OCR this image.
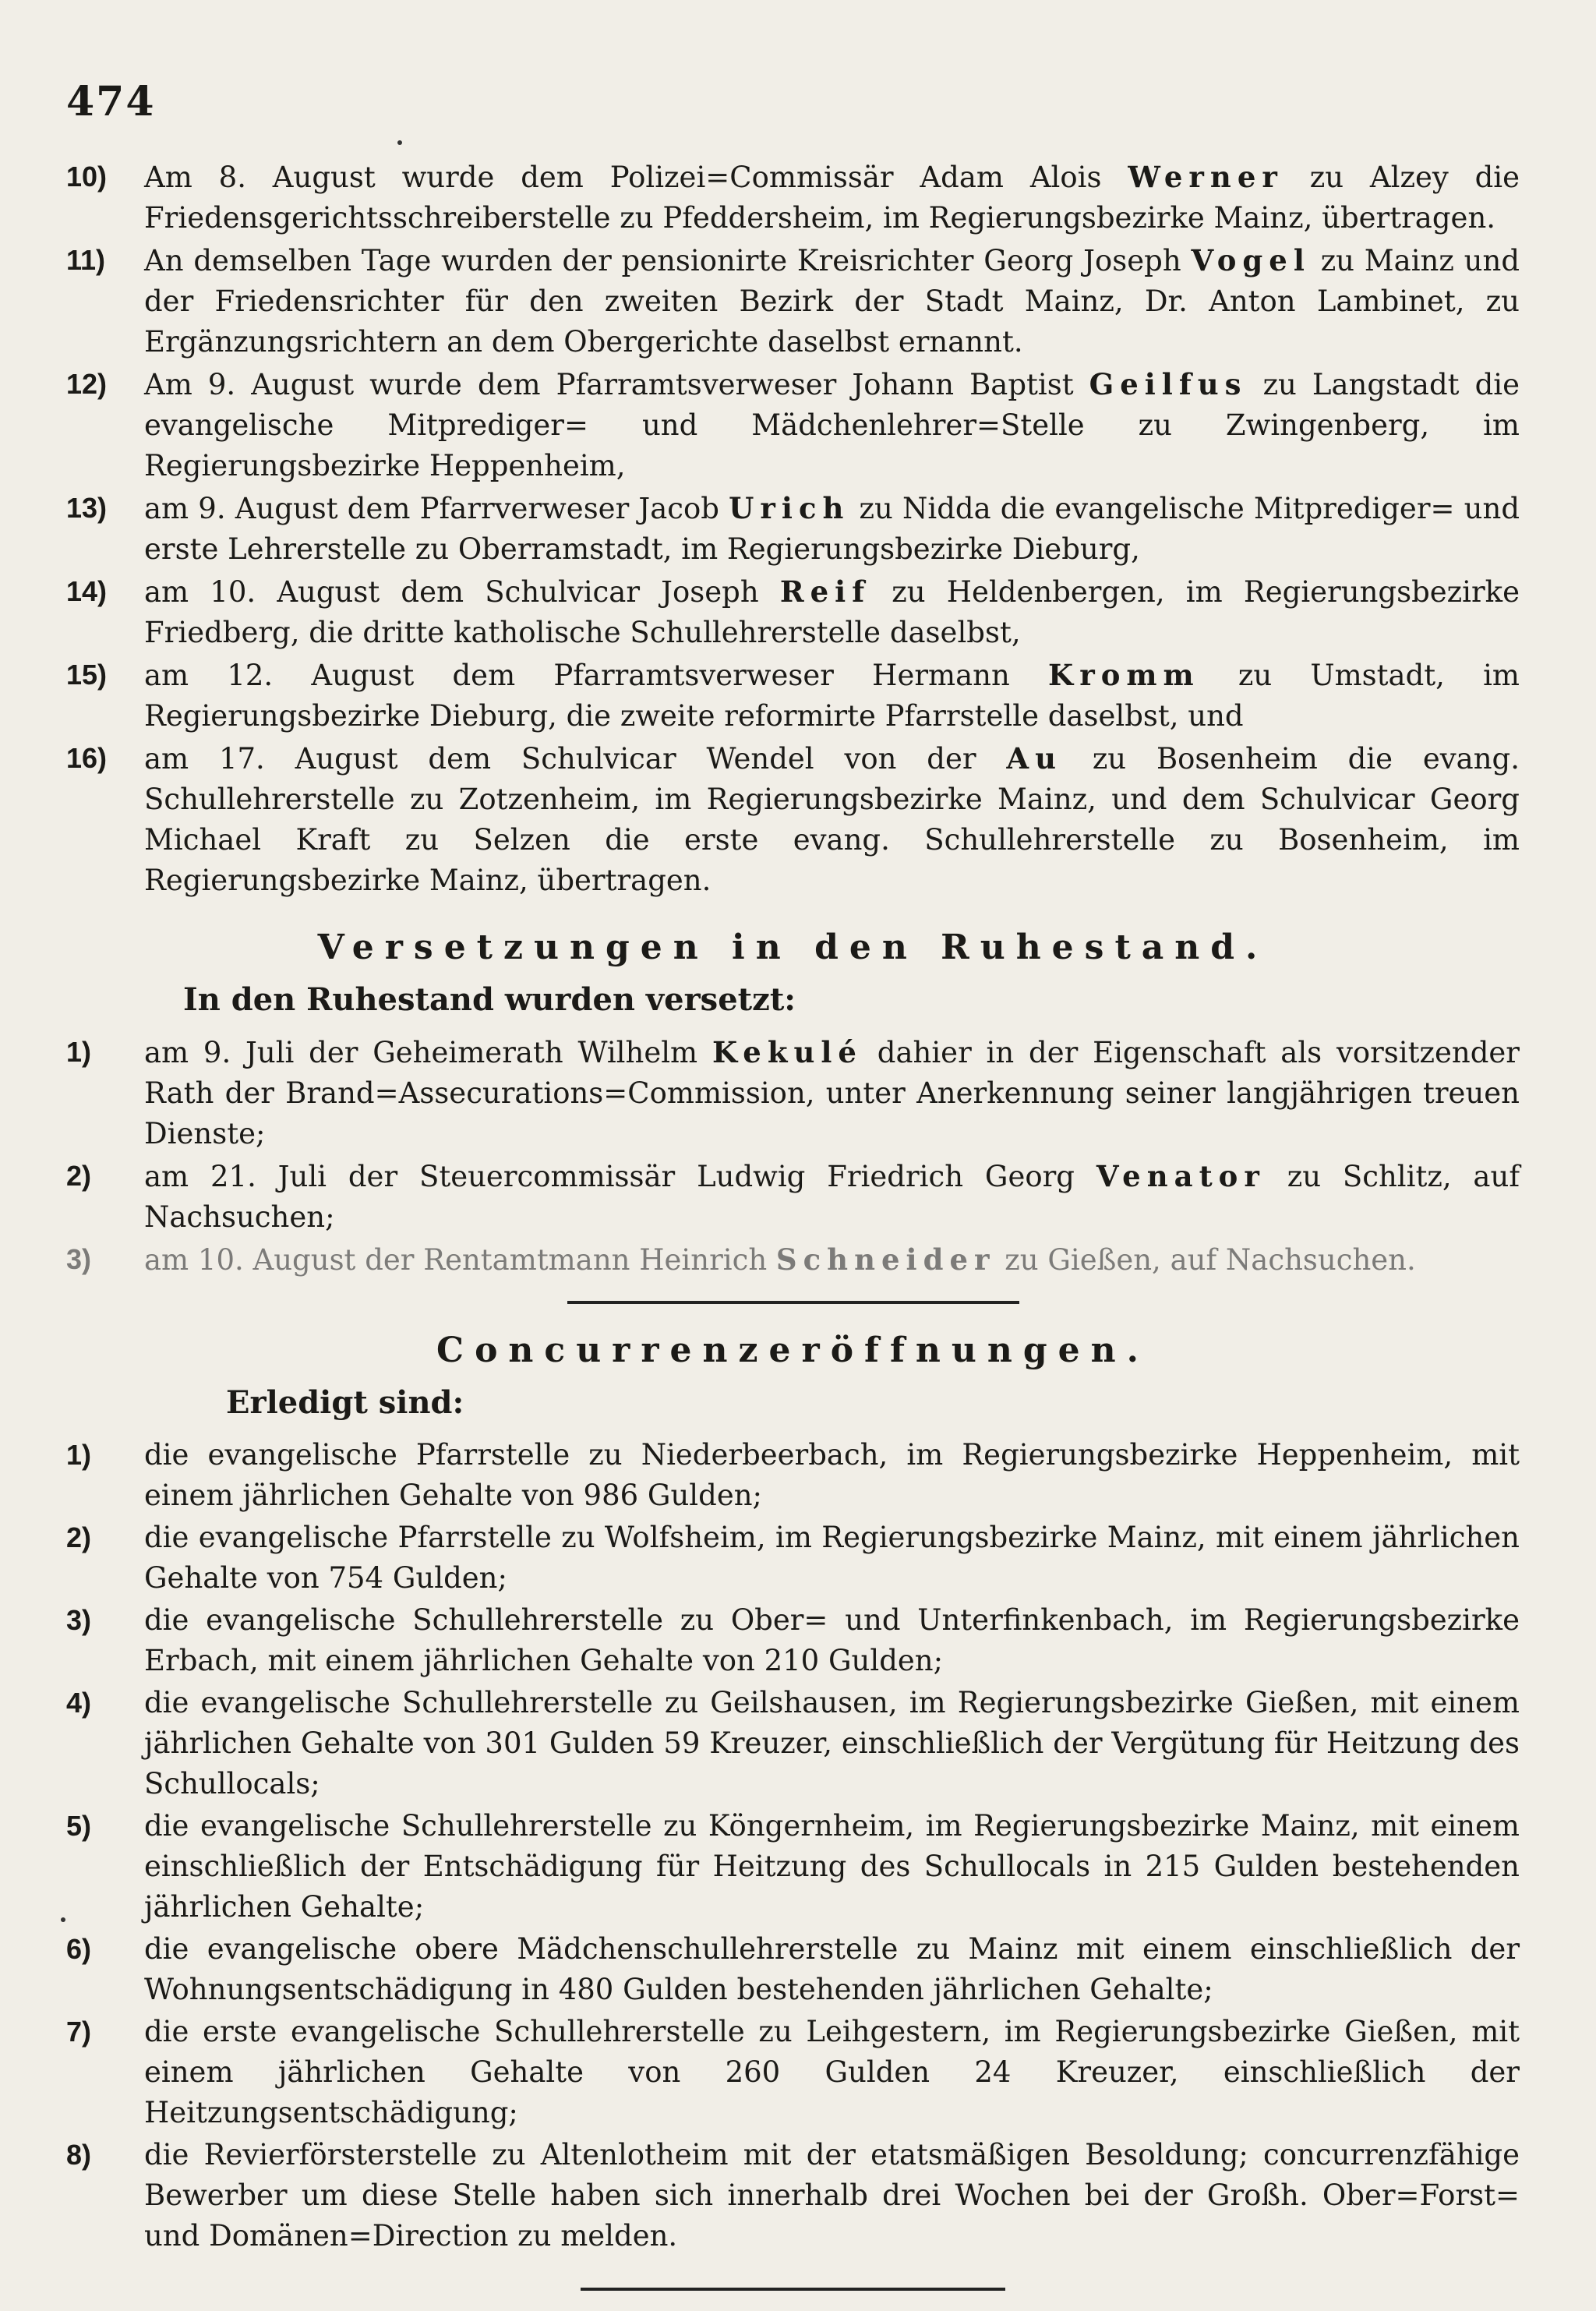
474
10) Am 8. August wurde dem Polizei=Commissär Adam Alois Werner zu Alzey die Friedensgerichtsschreiberstelle zu Pfeddersheim, im Regierungsbezirke Mainz, übertragen.
11) An demselben Tage wurden der pensionirte Kreisrichter Georg Joseph Vogel zu Mainz und der Friedensrichter für den zweiten Bezirk der Stadt Mainz, Dr. Anton Lambinet, zu Ergänzungsrichtern an dem Obergerichte daselbst ernannt.
12) Am 9. August wurde dem Pfarramtsverweser Johann Baptist Geilfus zu Langstadt die evangelische Mitprediger= und Mädchenlehrer=Stelle zu Zwingenberg, im Regierungsbezirke Heppenheim,
13) am 9. August dem Pfarrverweser Jacob Urich zu Nidda die evangelische Mitprediger= und erste Lehrerstelle zu Oberramstadt, im Regierungsbezirke Dieburg,
14) am 10. August dem Schulvicar Joseph Reif zu Heldenbergen, im Regierungsbezirke Friedberg, die dritte katholische Schullehrerstelle daselbst,
15) am 12. August dem Pfarramtsverweser Hermann Kromm zu Umstadt, im Regierungsbezirke Dieburg, die zweite reformirte Pfarrstelle daselbst, und
16) am 17. August dem Schulvicar Wendel von der Au zu Bosenheim die evang. Schullehrerstelle zu Zotzenheim, im Regierungsbezirke Mainz, und dem Schulvicar Georg Michael Kraft zu Selzen die erste evang. Schullehrerstelle zu Bosenheim, im Regierungsbezirke Mainz, übertragen.
Versetzungen in den Ruhestand.
In den Ruhestand wurden versetzt:
1) am 9. Juli der Geheimerath Wilhelm Kekulé dahier in der Eigenschaft als vorsitzender Rath der Brand=Assecurations=Commission, unter Anerkennung seiner langjährigen treuen Dienste;
2) am 21. Juli der Steuercommissär Ludwig Friedrich Georg Venator zu Schlitz, auf Nachsuchen;
3) am 10. August der Rentamtmann Heinrich Schneider zu Gießen, auf Nachsuchen.
Concurrenzeröffnungen.
Erledigt sind:
1) die evangelische Pfarrstelle zu Niederbeerbach, im Regierungsbezirke Heppenheim, mit einem jährlichen Gehalte von 986 Gulden;
2) die evangelische Pfarrstelle zu Wolfsheim, im Regierungsbezirke Mainz, mit einem jährlichen Gehalte von 754 Gulden;
3) die evangelische Schullehrerstelle zu Ober= und Unterfinkenbach, im Regierungsbezirke Erbach, mit einem jährlichen Gehalte von 210 Gulden;
4) die evangelische Schullehrerstelle zu Geilshausen, im Regierungsbezirke Gießen, mit einem jährlichen Gehalte von 301 Gulden 59 Kreuzer, einschließlich der Vergütung für Heitzung des Schullocals;
5) die evangelische Schullehrerstelle zu Köngernheim, im Regierungsbezirke Mainz, mit einem einschließlich der Entschädigung für Heitzung des Schullocals in 215 Gulden bestehenden jährlichen Gehalte;
6) die evangelische obere Mädchenschullehrerstelle zu Mainz mit einem einschließlich der Wohnungsentschädigung in 480 Gulden bestehenden jährlichen Gehalte;
7) die erste evangelische Schullehrerstelle zu Leihgestern, im Regierungsbezirke Gießen, mit einem jährlichen Gehalte von 260 Gulden 24 Kreuzer, einschließlich der Heitzungsentschädigung;
8) die Revierförsterstelle zu Altenlotheim mit der etatsmäßigen Besoldung; concurrenzfähige Bewerber um diese Stelle haben sich innerhalb drei Wochen bei der Großh. Ober=Forst= und Domänen=Direction zu melden.
